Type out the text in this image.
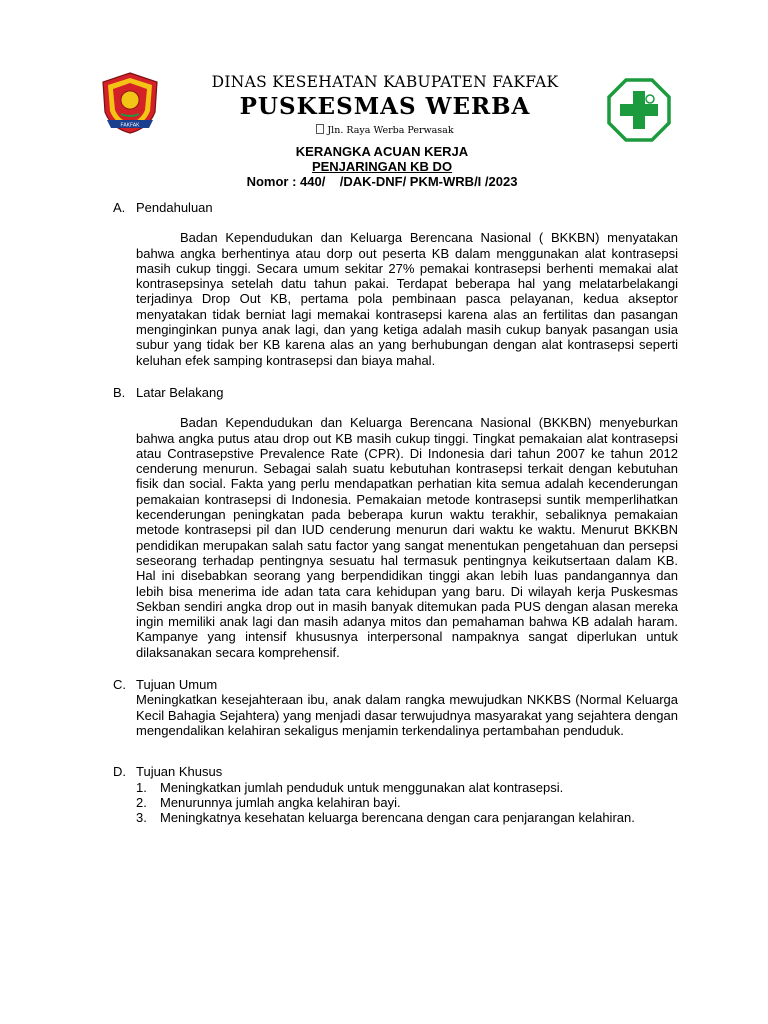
FAKFAK
DINAS KESEHATAN KABUPATEN FAKFAK
PUSKESMAS WERBA
Jln. Raya Werba Perwasak
KERANGKA ACUAN KERJA
PENJARINGAN KB DO
Nomor : 440/    /DAK-DNF/ PKM-WRB/I /2023
A. Pendahuluan
Badan Kependudukan dan Keluarga Berencana Nasional ( BKKBN) menyatakan bahwa angka berhentinya atau dorp out peserta KB dalam menggunakan alat kontrasepsi masih cukup tinggi. Secara umum sekitar 27% pemakai kontrasepsi berhenti memakai alat kontrasepsinya setelah datu tahun pakai. Terdapat beberapa hal yang melatarbelakangi terjadinya Drop Out KB, pertama pola pembinaan pasca pelayanan, kedua akseptor menyatakan tidak berniat lagi memakai kontrasepsi karena alas an fertilitas dan pasangan menginginkan punya anak lagi, dan yang ketiga adalah masih cukup banyak pasangan usia subur yang tidak ber KB karena alas an yang berhubungan dengan alat kontrasepsi seperti keluhan efek samping kontrasepsi dan biaya mahal.
B. Latar Belakang
Badan Kependudukan dan Keluarga Berencana Nasional (BKKBN) menyeburkan bahwa angka putus atau drop out KB masih cukup tinggi. Tingkat pemakaian alat kontrasepsi atau Contrasepstive Prevalence Rate (CPR). Di Indonesia dari tahun 2007 ke tahun 2012 cenderung menurun. Sebagai salah suatu kebutuhan kontrasepsi terkait dengan kebutuhan fisik dan social. Fakta yang perlu mendapatkan perhatian kita semua adalah kecenderungan pemakaian kontrasepsi di Indonesia. Pemakaian metode kontrasepsi suntik memperlihatkan kecenderungan peningkatan pada beberapa kurun waktu terakhir, sebaliknya pemakaian metode kontrasepsi pil dan IUD cenderung menurun dari waktu ke waktu. Menurut BKKBN pendidikan merupakan salah satu factor yang sangat menentukan pengetahuan dan persepsi seseorang terhadap pentingnya sesuatu hal termasuk pentingnya keikutsertaan dalam KB. Hal ini disebabkan seorang yang berpendidikan tinggi akan lebih luas pandangannya dan lebih bisa menerima ide adan tata cara kehidupan yang baru. Di wilayah kerja Puskesmas Sekban sendiri angka drop out in masih banyak ditemukan pada PUS dengan alasan mereka ingin memiliki anak lagi dan masih adanya mitos dan pemahaman bahwa KB adalah haram. Kampanye yang intensif khususnya interpersonal nampaknya sangat diperlukan untuk dilaksanakan secara komprehensif.
C. Tujuan Umum
Meningkatkan kesejahteraan ibu, anak dalam rangka mewujudkan NKKBS (Normal Keluarga Kecil Bahagia Sejahtera) yang menjadi dasar terwujudnya masyarakat yang sejahtera dengan mengendalikan kelahiran sekaligus menjamin terkendalinya pertambahan penduduk.
D. Tujuan Khusus
1.	Meningkatkan jumlah penduduk untuk menggunakan alat kontrasepsi.
2.	Menurunnya jumlah angka kelahiran bayi.
3.	Meningkatnya kesehatan keluarga berencana dengan cara penjarangan kelahiran.
